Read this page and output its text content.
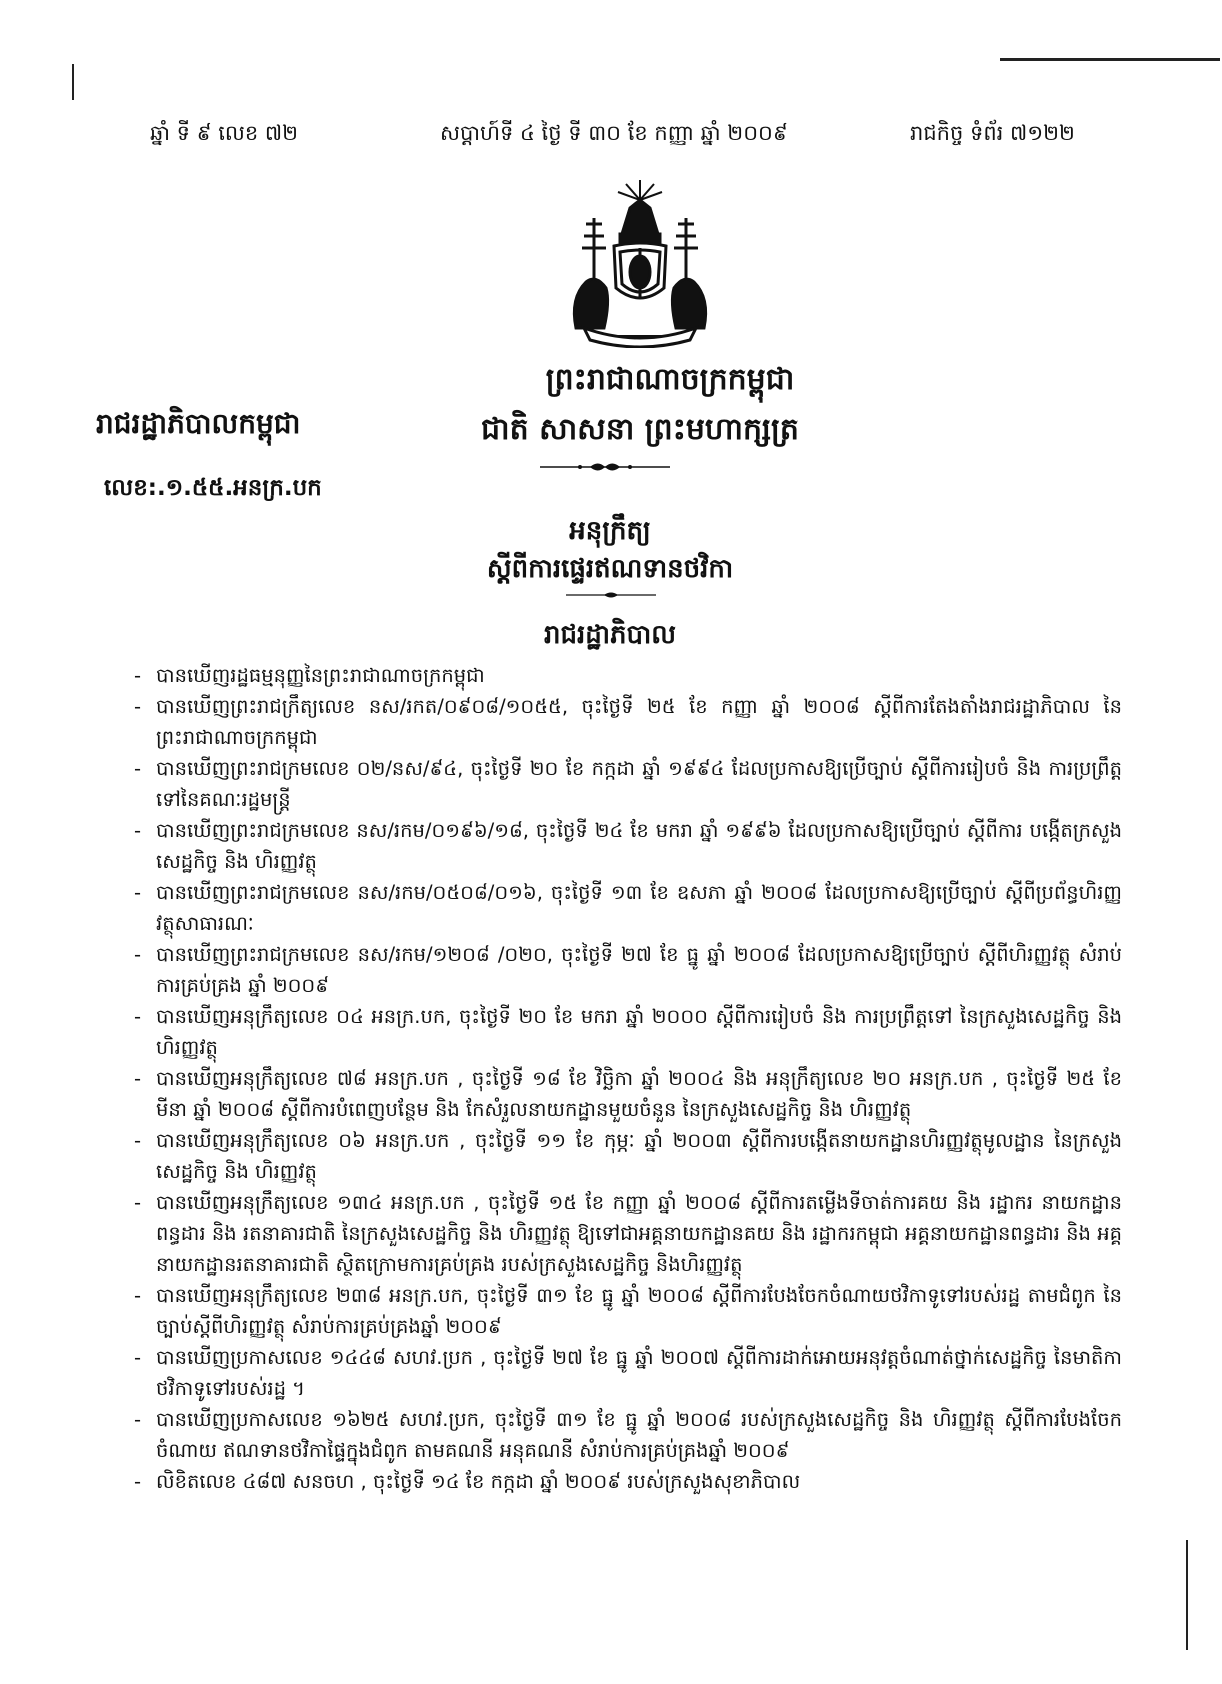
ឆ្នាំ ទី ៩ លេខ ៧២	សប្តាហ៍ទី ៤ ថ្ងៃ ទី ៣០ ខែ កញ្ញា ឆ្នាំ ២០០៩	រាជកិច្ច ទំព័រ ៧១២២
ព្រះរាជាណាចក្រកម្ពុជា
រាជរដ្ឋាភិបាលកម្ពុជា	ជាតិ សាសនា ព្រះមហាក្សត្រ
លេខ:.១.៥៥.អនក្រ.បក
អនុក្រឹត្យ
ស្តីពីការផ្ទេរឥណទានថវិកា
រាជរដ្ឋាភិបាល
- បានឃើញរដ្ឋធម្មនុញ្ញនៃព្រះរាជាណាចក្រកម្ពុជា
- បានឃើញព្រះរាជក្រឹត្យលេខ នស/រកត/០៩០៨/១០៥៥, ចុះថ្ងៃទី ២៥ ខែ កញ្ញា ឆ្នាំ ២០០៨ ស្តីពីការតែងតាំងរាជរដ្ឋាភិបាល នៃ ព្រះរាជាណាចក្រកម្ពុជា
- បានឃើញព្រះរាជក្រមលេខ ០២/នស/៩៤, ចុះថ្ងៃទី ២០ ខែ កក្កដា ឆ្នាំ ១៩៩៤ ដែលប្រកាសឱ្យប្រើច្បាប់ ស្តីពីការរៀបចំ និង ការប្រព្រឹត្តទៅនៃគណៈរដ្ឋមន្ត្រី
- បានឃើញព្រះរាជក្រមលេខ នស/រកម/០១៩៦/១៨, ចុះថ្ងៃទី ២៤ ខែ មករា ឆ្នាំ ១៩៩៦ ដែលប្រកាសឱ្យប្រើច្បាប់ ស្តីពីការ បង្កើតក្រសួងសេដ្ឋកិច្ច និង ហិរញ្ញវត្ថុ
- បានឃើញព្រះរាជក្រមលេខ នស/រកម/០៥០៨/០១៦, ចុះថ្ងៃទី ១៣ ខែ ឧសភា ឆ្នាំ ២០០៨ ដែលប្រកាសឱ្យប្រើច្បាប់ ស្តីពីប្រព័ន្ធហិរញ្ញវត្ថុសាធារណៈ
- បានឃើញព្រះរាជក្រមលេខ នស/រកម/១២០៨ /០២០, ចុះថ្ងៃទី ២៧ ខែ ធ្នូ ឆ្នាំ ២០០៨ ដែលប្រកាសឱ្យប្រើច្បាប់ ស្តីពីហិរញ្ញវត្ថុ សំរាប់ការគ្រប់គ្រង ឆ្នាំ ២០០៩
- បានឃើញអនុក្រឹត្យលេខ ០៤ អនក្រ.បក, ចុះថ្ងៃទី ២០ ខែ មករា ឆ្នាំ ២០០០ ស្តីពីការរៀបចំ និង ការប្រព្រឹត្តទៅ នៃក្រសួងសេដ្ឋកិច្ច និង ហិរញ្ញវត្ថុ
- បានឃើញអនុក្រឹត្យលេខ ៧៨ អនក្រ.បក , ចុះថ្ងៃទី ១៨ ខែ វិច្ឆិកា ឆ្នាំ ២០០៤ និង អនុក្រឹត្យលេខ ២០ អនក្រ.បក , ចុះថ្ងៃទី ២៥ ខែ មីនា ឆ្នាំ ២០០៨ ស្តីពីការបំពេញបន្ថែម និង កែសំរួលនាយកដ្ឋានមួយចំនួន នៃក្រសួងសេដ្ឋកិច្ច និង ហិរញ្ញវត្ថុ
- បានឃើញអនុក្រឹត្យលេខ ០៦ អនក្រ.បក , ចុះថ្ងៃទី ១១ ខែ កុម្ភៈ ឆ្នាំ ២០០៣ ស្តីពីការបង្កើតនាយកដ្ឋានហិរញ្ញវត្ថុមូលដ្ឋាន នៃក្រសួងសេដ្ឋកិច្ច និង ហិរញ្ញវត្ថុ
- បានឃើញអនុក្រឹត្យលេខ ១៣៤ អនក្រ.បក , ចុះថ្ងៃទី ១៥ ខែ កញ្ញា ឆ្នាំ ២០០៨ ស្តីពីការតម្លើងទីចាត់ការគយ និង រដ្ឋាករ នាយកដ្ឋានពន្ធដារ និង រតនាគារជាតិ នៃក្រសួងសេដ្ឋកិច្ច និង ហិរញ្ញវត្ថុ ឱ្យទៅជាអគ្គនាយកដ្ឋានគយ និង រដ្ឋាករកម្ពុជា អគ្គនាយកដ្ឋានពន្ធដារ និង អគ្គនាយកដ្ឋានរតនាគារជាតិ ស្ថិតក្រោមការគ្រប់គ្រង របស់ក្រសួងសេដ្ឋកិច្ច និងហិរញ្ញវត្ថុ
- បានឃើញអនុក្រឹត្យលេខ ២៣៨ អនក្រ.បក, ចុះថ្ងៃទី ៣១ ខែ ធ្នូ ឆ្នាំ ២០០៨ ស្តីពីការបែងចែកចំណាយថវិកាទូទៅរបស់រដ្ឋ តាមជំពូក នៃច្បាប់ស្តីពីហិរញ្ញវត្ថុ សំរាប់ការគ្រប់គ្រងឆ្នាំ ២០០៩
- បានឃើញប្រកាសលេខ ១៤៤៨ សហវ.ប្រក , ចុះថ្ងៃទី ២៧ ខែ ធ្នូ ឆ្នាំ ២០០៧ ស្តីពីការដាក់អោយអនុវត្តចំណាត់ថ្នាក់សេដ្ឋកិច្ច នៃមាតិកាថវិកាទូទៅរបស់រដ្ឋ ។
- បានឃើញប្រកាសលេខ ១៦២៥ សហវ.ប្រក, ចុះថ្ងៃទី ៣១ ខែ ធ្នូ ឆ្នាំ ២០០៨ របស់ក្រសួងសេដ្ឋកិច្ច និង ហិរញ្ញវត្ថុ ស្តីពីការបែងចែកចំណាយ ឥណទានថវិកាផ្ទៃក្នុងជំពូក តាមគណនី អនុគណនី សំរាប់ការគ្រប់គ្រងឆ្នាំ ២០០៩
- លិខិតលេខ ៤៨៧ សនចហ , ចុះថ្ងៃទី ១៤ ខែ កក្កដា ឆ្នាំ ២០០៩ របស់ក្រសួងសុខាភិបាល
